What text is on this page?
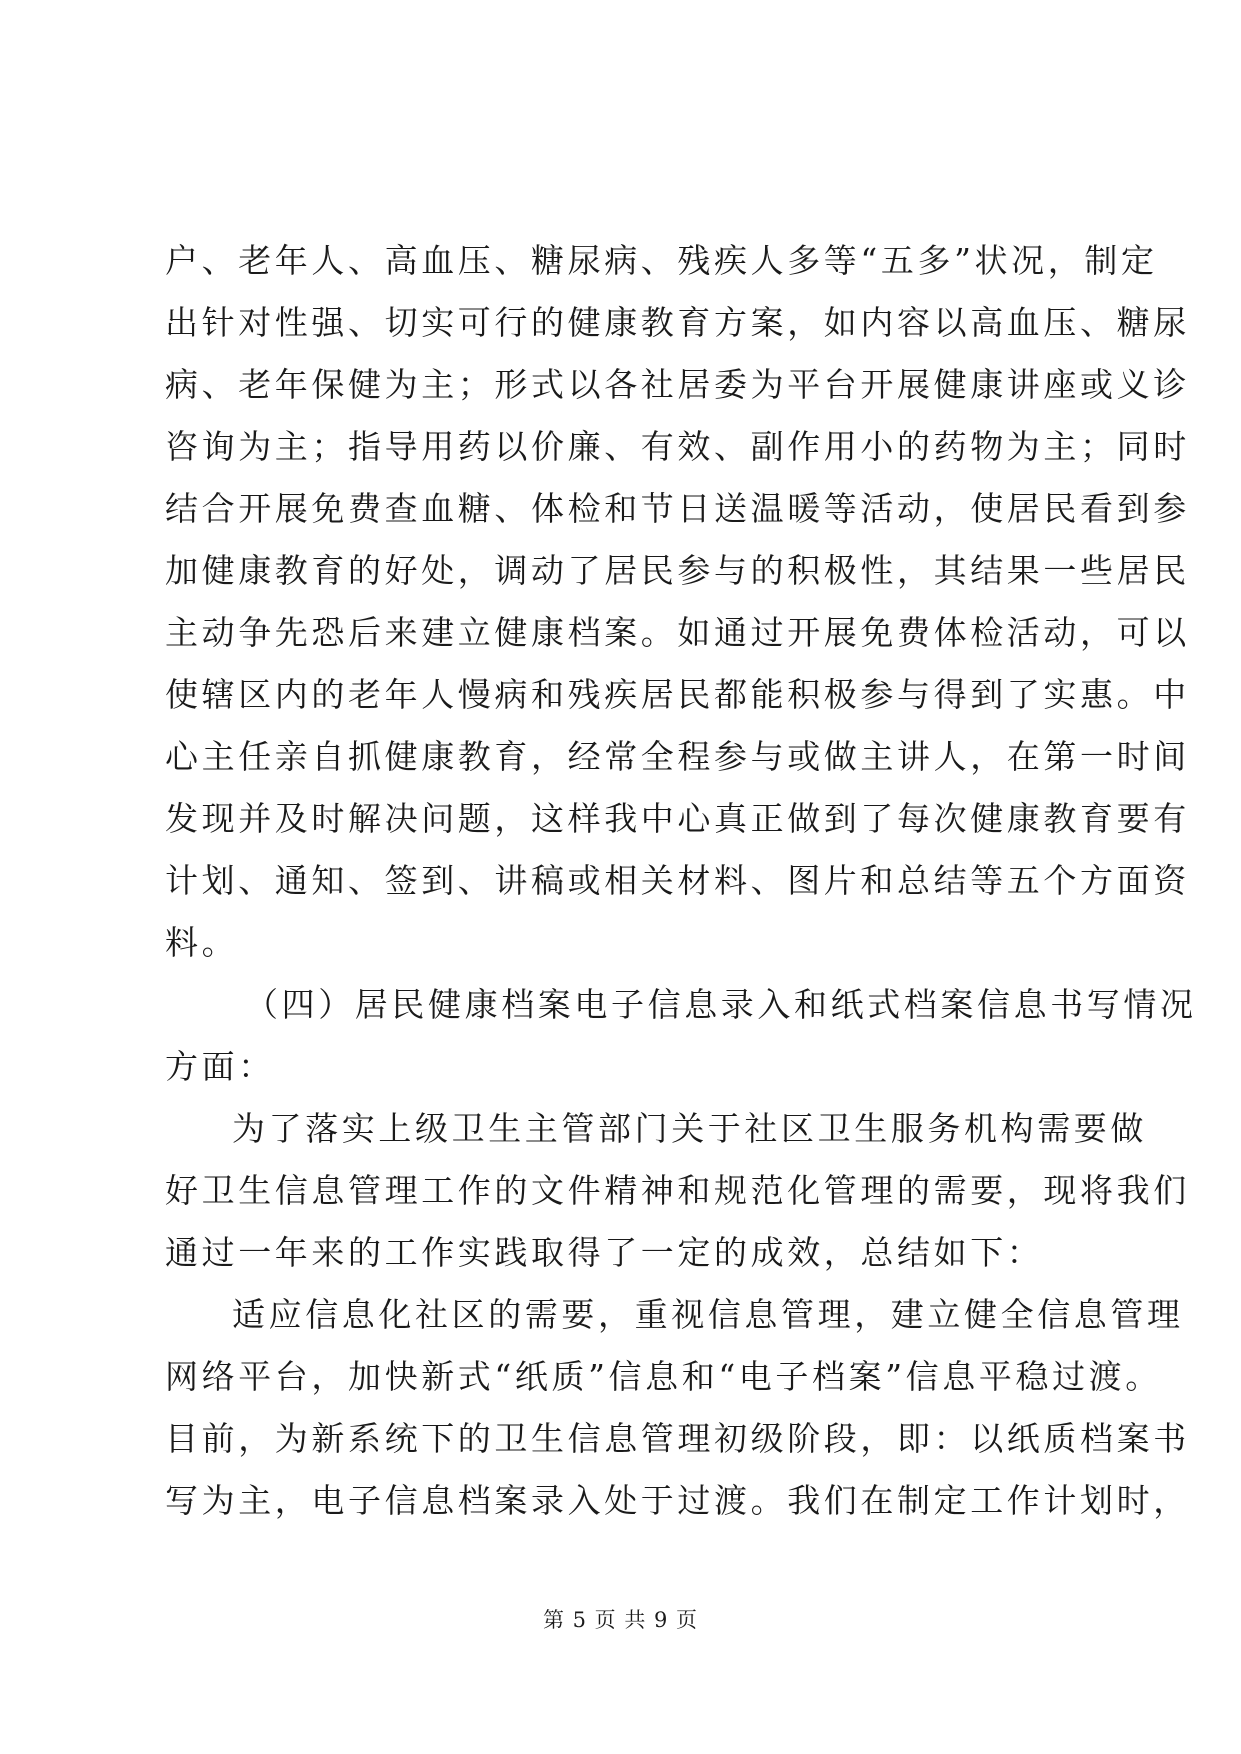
户、老年人、高血压、糖尿病、残疾人多等“五多”状况，制定
出针对性强、切实可行的健康教育方案，如内容以高血压、糖尿
病、老年保健为主；形式以各社居委为平台开展健康讲座或义诊
咨询为主；指导用药以价廉、有效、副作用小的药物为主；同时
结合开展免费查血糖、体检和节日送温暖等活动，使居民看到参
加健康教育的好处，调动了居民参与的积极性，其结果一些居民
主动争先恐后来建立健康档案。如通过开展免费体检活动，可以
使辖区内的老年人慢病和残疾居民都能积极参与得到了实惠。中
心主任亲自抓健康教育，经常全程参与或做主讲人，在第一时间
发现并及时解决问题，这样我中心真正做到了每次健康教育要有
计划、通知、签到、讲稿或相关材料、图片和总结等五个方面资
料。
（四）居民健康档案电子信息录入和纸式档案信息书写情况
方面：
为了落实上级卫生主管部门关于社区卫生服务机构需要做
好卫生信息管理工作的文件精神和规范化管理的需要，现将我们
通过一年来的工作实践取得了一定的成效，总结如下：
适应信息化社区的需要，重视信息管理，建立健全信息管理
网络平台，加快新式“纸质”信息和“电子档案”信息平稳过渡。
目前，为新系统下的卫生信息管理初级阶段，即：以纸质档案书
写为主，电子信息档案录入处于过渡。我们在制定工作计划时，
第 5 页 共 9 页
